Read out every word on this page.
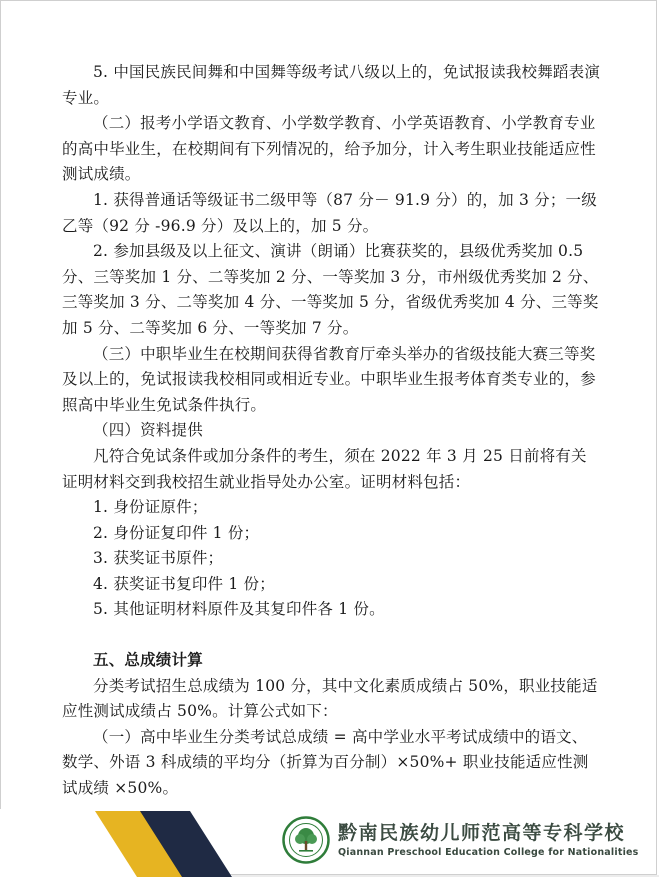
5. 中国民族民间舞和中国舞等级考试八级以上的，免试报读我校舞蹈表演专业。

（二）报考小学语文教育、小学数学教育、小学英语教育、小学教育专业的高中毕业生，在校期间有下列情况的，给予加分，计入考生职业技能适应性测试成绩。

1. 获得普通话等级证书二级甲等（87 分－ 91.9 分）的，加 3 分；一级乙等（92 分 -96.9 分）及以上的，加 5 分。

2. 参加县级及以上征文、演讲（朗诵）比赛获奖的，县级优秀奖加 0.5 分、三等奖加 1 分、二等奖加 2 分、一等奖加 3 分，市州级优秀奖加 2 分、三等奖加 3 分、二等奖加 4 分、一等奖加 5 分，省级优秀奖加 4 分、三等奖加 5 分、二等奖加 6 分、一等奖加 7 分。

（三）中职毕业生在校期间获得省教育厅牵头举办的省级技能大赛三等奖及以上的，免试报读我校相同或相近专业。中职毕业生报考体育类专业的，参照高中毕业生免试条件执行。

（四）资料提供

凡符合免试条件或加分条件的考生，须在 2022 年 3 月 25 日前将有关证明材料交到我校招生就业指导处办公室。证明材料包括：

1. 身份证原件；

2. 身份证复印件 1 份；

3. 获奖证书原件；

4. 获奖证书复印件 1 份；

5. 其他证明材料原件及其复印件各 1 份。

五、总成绩计算

分类考试招生总成绩为 100 分，其中文化素质成绩占 50%，职业技能适应性测试成绩占 50%。计算公式如下：

（一）高中毕业生分类考试总成绩 = 高中学业水平考试成绩中的语文、数学、外语 3 科成绩的平均分（折算为百分制）×50%+ 职业技能适应性测试成绩 ×50%。

黔南民族幼儿师范高等专科学校
Qiannan Preschool Education College for Nationalities
